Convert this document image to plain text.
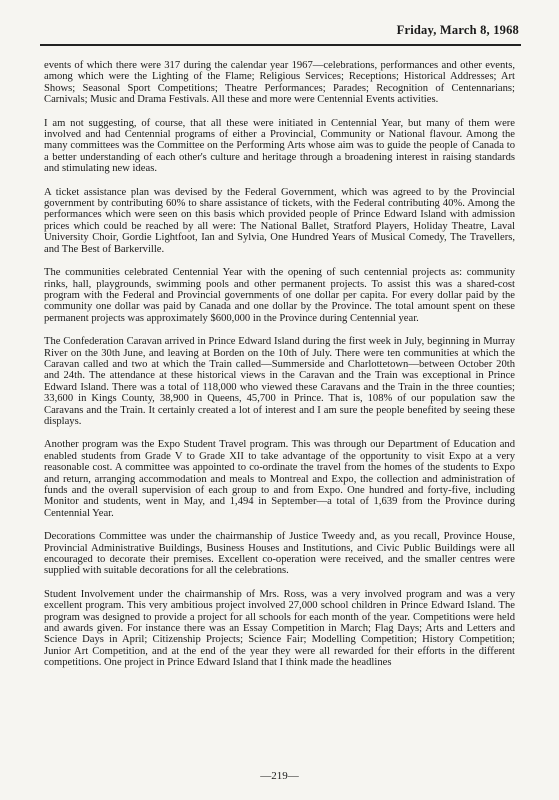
Friday, March 8, 1968

events of which there were 317 during the calendar year 1967—celebrations, performances and other events, among which were the Lighting of the Flame; Religious Services; Receptions; Historical Addresses; Art Shows; Seasonal Sport Competitions; Theatre Performances; Parades; Recognition of Centennarians; Carnivals; Music and Drama Festivals. All these and more were Centennial Events activities.

I am not suggesting, of course, that all these were initiated in Centennial Year, but many of them were involved and had Centennial programs of either a Provincial, Community or National flavour. Among the many committees was the Committee on the Performing Arts whose aim was to guide the people of Canada to a better understanding of each other's culture and heritage through a broadening interest in raising standards and stimulating new ideas.

A ticket assistance plan was devised by the Federal Government, which was agreed to by the Provincial government by contributing 60% to share assistance of tickets, with the Federal contributing 40%. Among the performances which were seen on this basis which provided people of Prince Edward Island with admission prices which could be reached by all were: The National Ballet, Stratford Players, Holiday Theatre, Laval University Choir, Gordie Lightfoot, Ian and Sylvia, One Hundred Years of Musical Comedy, The Travellers, and The Best of Barkerville.

The communities celebrated Centennial Year with the opening of such centennial projects as: community rinks, hall, playgrounds, swimming pools and other permanent projects. To assist this was a shared-cost program with the Federal and Provincial governments of one dollar per capita. For every dollar paid by the community one dollar was paid by Canada and one dollar by the Province. The total amount spent on these permanent projects was approximately $600,000 in the Province during Centennial year.

The Confederation Caravan arrived in Prince Edward Island during the first week in July, beginning in Murray River on the 30th June, and leaving at Borden on the 10th of July. There were ten communities at which the Caravan called and two at which the Train called—Summerside and Charlottetown—between October 20th and 24th. The attendance at these historical views in the Caravan and the Train was exceptional in Prince Edward Island. There was a total of 118,000 who viewed these Caravans and the Train in the three counties; 33,600 in Kings County, 38,900 in Queens, 45,700 in Prince. That is, 108% of our population saw the Caravans and the Train. It certainly created a lot of interest and I am sure the people benefited by seeing these displays.

Another program was the Expo Student Travel program. This was through our Department of Education and enabled students from Grade V to Grade XII to take advantage of the opportunity to visit Expo at a very reasonable cost. A committee was appointed to co-ordinate the travel from the homes of the students to Expo and return, arranging accommodation and meals to Montreal and Expo, the collection and administration of funds and the overall supervision of each group to and from Expo. One hundred and forty-five, including Monitor and students, went in May, and 1,494 in September—a total of 1,639 from the Province during Centennial Year.

Decorations Committee was under the chairmanship of Justice Tweedy and, as you recall, Province House, Provincial Administrative Buildings, Business Houses and Institutions, and Civic Public Buildings were all encouraged to decorate their premises. Excellent co-operation were received, and the smaller centres were supplied with suitable decorations for all the celebrations.

Student Involvement under the chairmanship of Mrs. Ross, was a very involved program and was a very excellent program. This very ambitious project involved 27,000 school children in Prince Edward Island. The program was designed to provide a project for all schools for each month of the year. Competitions were held and awards given. For instance there was an Essay Competition in March; Flag Days; Arts and Letters and Science Days in April; Citizenship Projects; Science Fair; Modelling Competition; History Competition; Junior Art Competition, and at the end of the year they were all rewarded for their efforts in the different competitions. One project in Prince Edward Island that I think made the headlines

—219—
